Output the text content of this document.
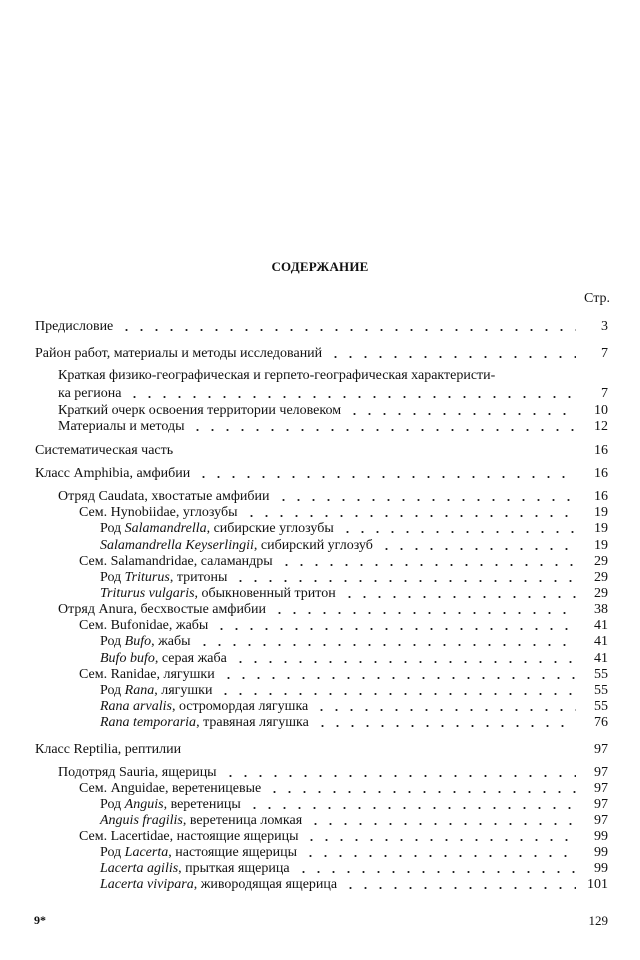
СОДЕРЖАНИЕ
Стр.
Предисловие	3
Район работ, материалы и методы исследований	7
Краткая физико-географическая и герпето-географическая характеристи-
ка региона	7
Краткий очерк освоения территории человеком	10
Материалы и методы	12
Систематическая часть	16
Класс Amphibia, амфибии	16
Отряд Caudata, хвостатые амфибии	16
Сем. Hynobiidae, углозубы	19
Род Salamandrella, сибирские углозубы	19
Salamandrella Keyserlingii, сибирский углозуб	19
Сем. Salamandridae, саламандры	29
Род Triturus, тритоны	29
Triturus vulgaris, обыкновенный тритон	29
Отряд Anura, бесхвостые амфибии	38
Сем. Bufonidae, жабы	41
Род Bufo, жабы	41
Bufo bufo, серая жаба	41
Сем. Ranidae, лягушки	55
Род Rana, лягушки	55
Rana arvalis, остромордая лягушка	55
Rana temporaria, травяная лягушка	76
Класс Reptilia, рептилии	97
Подотряд Sauria, ящерицы	97
Сем. Anguidae, веретеницевые	97
Род Anguis, веретеницы	97
Anguis fragilis, веретеница ломкая	97
Сем. Lacertidae, настоящие ящерицы	99
Род Lacerta, настоящие ящерицы	99
Lacerta agilis, прыткая ящерица	99
Lacerta vivipara, живородящая ящерица	101
9*	129
